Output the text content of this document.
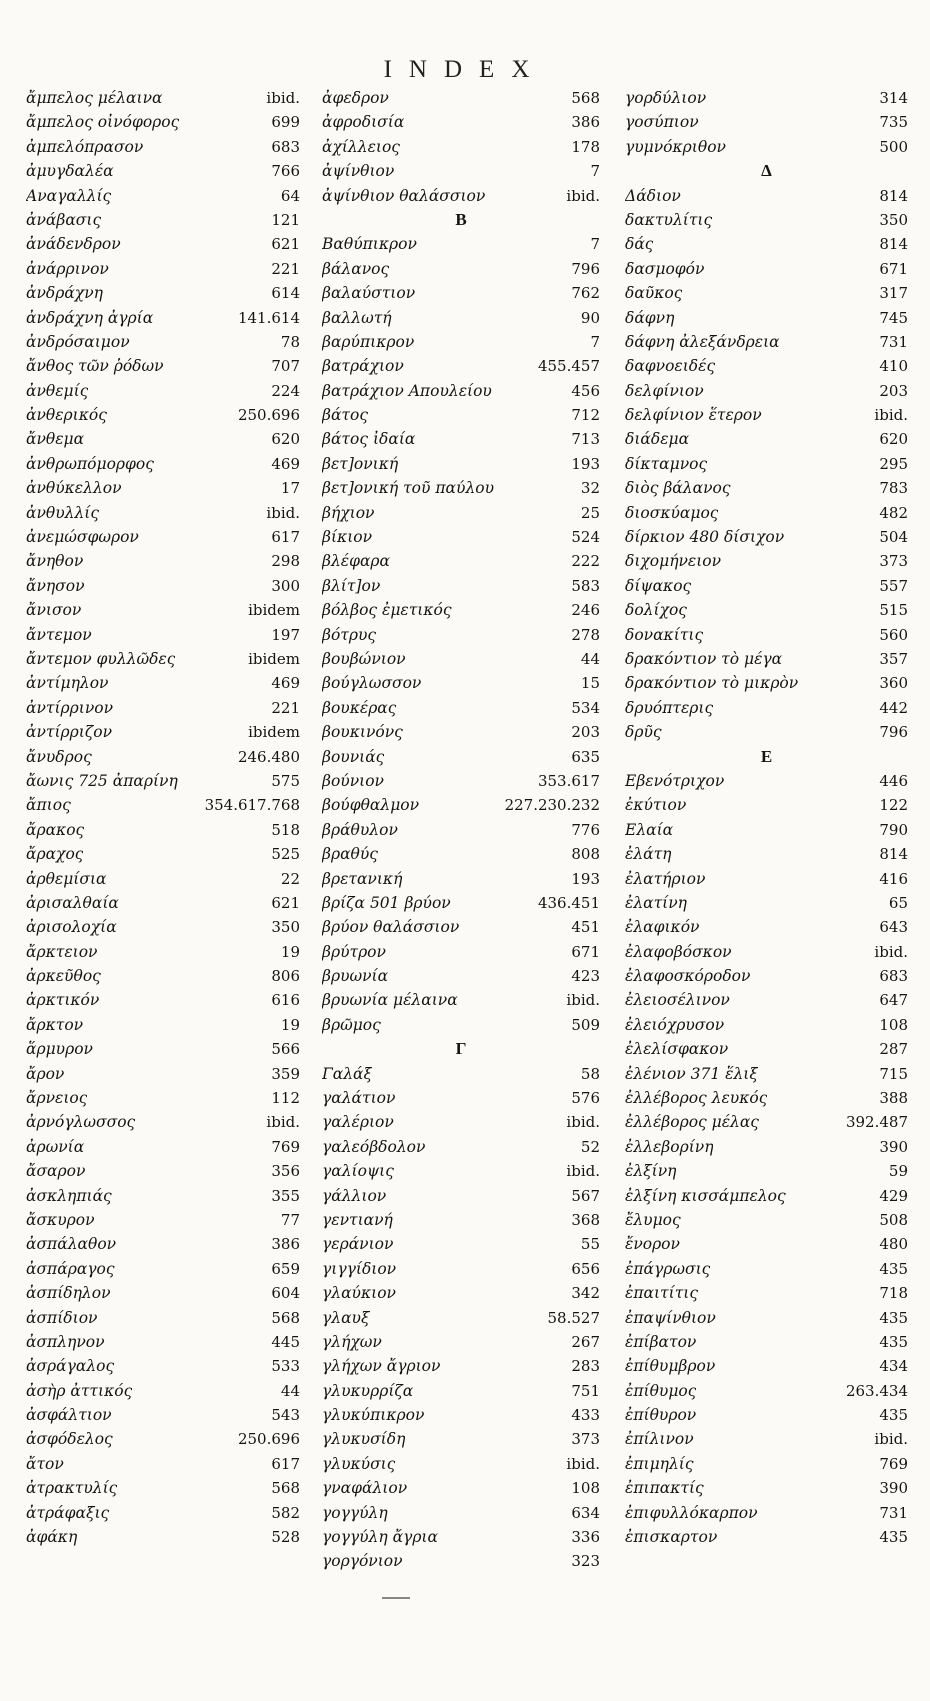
INDEX
ἄμπελος μέλαινα	ibid.
ἄμπελος οἰνόφορος	699
ἀμπελόπρασον	683
ἀμυγδαλέα	766
Αναγαλλίς	64
ἀνάβασις	121
ἀνάδενδρον	621
ἀνάρρινον	221
ἀνδράχνη	614
ἀνδράχνη ἀγρία	141.614
ἀνδρόσαιμον	78
ἄνθος τῶν ῥόδων	707
ἀνθεμίς	224
ἀνθερικός	250.696
ἄνθεμα	620
ἀνθρωπόμορφος	469
ἀνθύκελλον	17
ἀνθυλλίς	ibid.
ἀνεμώσφωρον	617
ἄνηθον	298
ἄνησον	300
ἄνισον	ibidem
ἄντεμον	197
ἄντεμον φυλλῶδες	ibidem
ἀντίμηλον	469
ἀντίρρινον	221
ἀντίρριζον	ibidem
ἄνυδρος	246.480
ἄωνις 725 ἀπαρίνη	575
ἄπιος	354.617.768
ἄρακος	518
ἄραχος	525
ἀρθεμίσια	22
ἀρισαλθαία	621
ἀρισολοχία	350
ἄρκτειον	19
ἀρκεῦθος	806
ἀρκτικόν	616
ἄρκτον	19
ἅρμυρον	566
ἄρον	359
ἄρνειος	112
ἀρνόγλωσσος	ibid.
ἀρωνία	769
ἄσαρον	356
ἀσκληπιάς	355
ἄσκυρον	77
ἀσπάλαθον	386
ἀσπάραγος	659
ἀσπίδηλον	604
ἀσπίδιον	568
ἀσπληνον	445
ἀσράγαλος	533
ἀσὴρ ἀττικός	44
ἀσφάλτιον	543
ἀσφόδελος	250.696
ἄτον	617
ἀτρακτυλίς	568
ἀτράφαξις	582
ἀφάκη	528
ἀφεδρον	568
ἀφροδισία	386
ἀχίλλειος	178
ἀψίνθιον	7
ἀψίνθιον θαλάσσιον	ibid.
Β
Βαθύπικρον	7
βάλανος	796
βαλαύστιον	762
βαλλωτή	90
βαρύπικρον	7
βατράχιον	455.457
βατράχιον Απουλείου	456
βάτος	712
βάτος ἰδαία	713
βετ]ονική	193
βετ]ονική τοῦ παύλου	32
βήχιον	25
βίκιον	524
βλέφαρα	222
βλίτ]ον	583
βόλβος ἐμετικός	246
βότρυς	278
βουβώνιον	44
βούγλωσσον	15
βουκέρας	534
βουκινόνς	203
βουνιάς	635
βούνιον	353.617
βούφθαλμον	227.230.232
βράθυλον	776
βραθύς	808
βρετανική	193
βρίζα 501 βρύον	436.451
βρύον θαλάσσιον	451
βρύτρον	671
βρυωνία	423
βρυωνία μέλαινα	ibid.
βρῶμος	509
Γ
Γαλάξ	58
γαλάτιον	576
γαλέριον	ibid.
γαλεόβδολον	52
γαλίοψις	ibid.
γάλλιον	567
γεντιανή	368
γεράνιον	55
γιγγίδιον	656
γλαύκιον	342
γλαυξ	58.527
γλήχων	267
γλήχων ἄγριον	283
γλυκυρρίζα	751
γλυκύπικρον	433
γλυκυσίδη	373
γλυκύσις	ibid.
γναφάλιον	108
γογγύλη	634
γογγύλη ἄγρια	336
γοργόνιον	323
γορδύλιον	314
γοσύπιον	735
γυμνόκριθον	500
Δ
Δάδιον	814
δακτυλίτις	350
δάς	814
δασμοφόν	671
δαῦκος	317
δάφνη	745
δάφνη ἀλεξάνδρεια	731
δαφνοειδές	410
δελφίνιον	203
δελφίνιον ἕτερον	ibid.
διάδεμα	620
δίκταμνος	295
διὸς βάλανος	783
διοσκύαμος	482
δίρκιον 480 δίσιχον	504
διχομήνειον	373
δίψακος	557
δολίχος	515
δονακίτις	560
δρακόντιον τὸ μέγα	357
δρακόντιον τὸ μικρὸν	360
δρυόπτερις	442
δρῦς	796
Ε
Εβενότριχον	446
ἐκύτιον	122
Ελαία	790
ἐλάτη	814
ἐλατήριον	416
ἐλατίνη	65
ἐλαφικόν	643
ἐλαφοβόσκον	ibid.
ἐλαφοσκόροδον	683
ἐλειοσέλινον	647
ἐλειόχρυσον	108
ἐλελίσφακον	287
ἐλένιον 371 ἕλιξ	715
ἐλλέβορος λευκός	388
ἐλλέβορος μέλας	392.487
ἐλλεβορίνη	390
ἐλξίνη	59
ἐλξίνη κισσάμπελος	429
ἔλυμος	508
ἔνορον	480
ἐπάγρωσις	435
ἐπαιτίτις	718
ἐπαψίνθιον	435
ἐπίβατον	435
ἐπίθυμβρον	434
ἐπίθυμος	263.434
ἐπίθυρον	435
ἐπίλινον	ibid.
ἐπιμηλίς	769
ἐπιπακτίς	390
ἐπιφυλλόκαρπον	731
ἐπισκαρτον	435
